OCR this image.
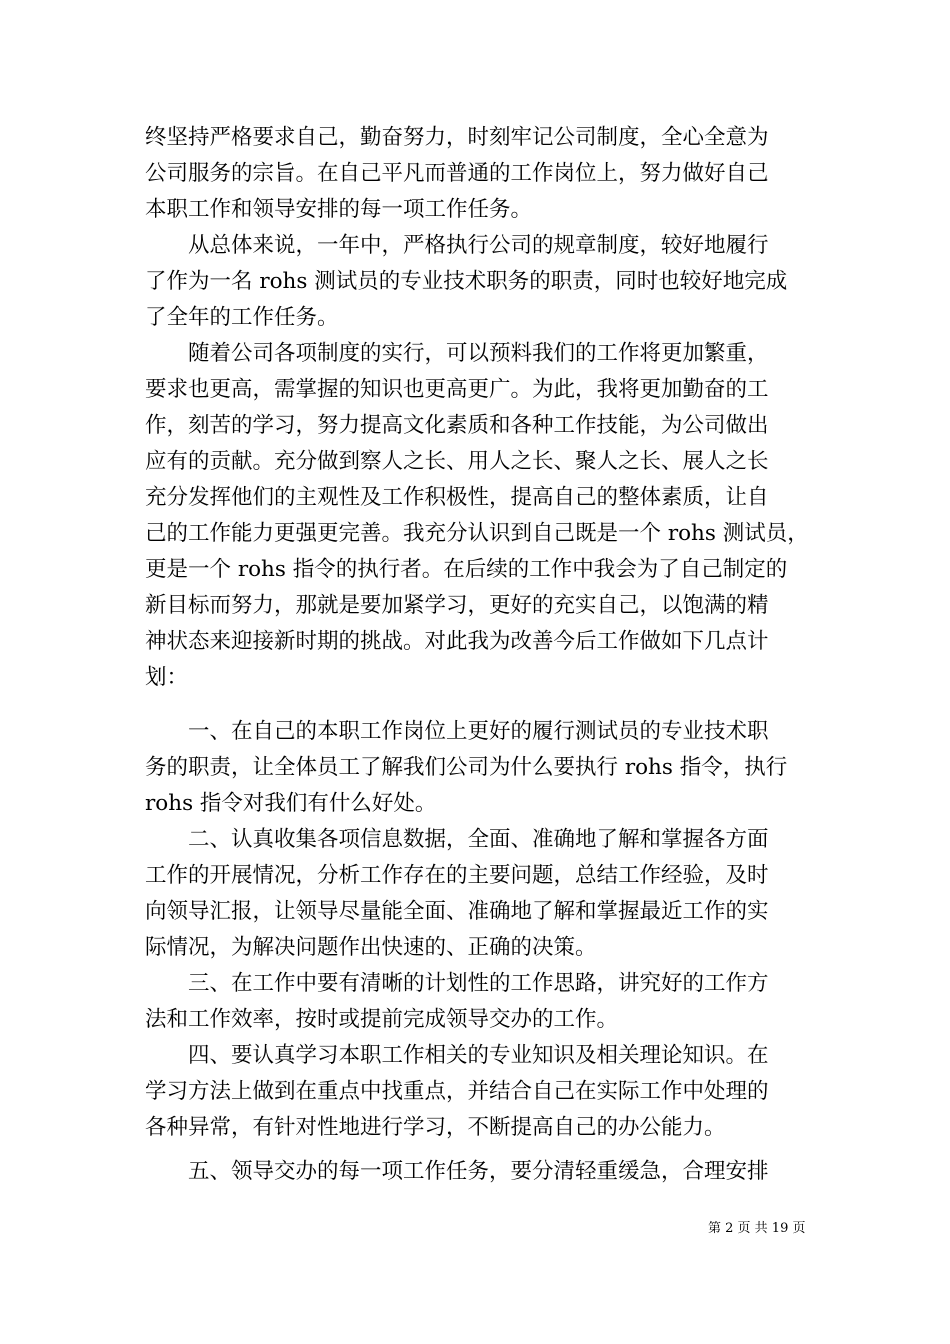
终坚持严格要求自己，勤奋努力，时刻牢记公司制度，全心全意为
公司服务的宗旨。在自己平凡而普通的工作岗位上，努力做好自己
本职工作和领导安排的每一项工作任务。
从总体来说，一年中，严格执行公司的规章制度，较好地履行
了作为一名 rohs 测试员的专业技术职务的职责，同时也较好地完成
了全年的工作任务。
随着公司各项制度的实行，可以预料我们的工作将更加繁重，
要求也更高，需掌握的知识也更高更广。为此，我将更加勤奋的工
作，刻苦的学习，努力提高文化素质和各种工作技能，为公司做出
应有的贡献。充分做到察人之长、用人之长、聚人之长、展人之长
充分发挥他们的主观性及工作积极性，提高自己的整体素质，让自
己的工作能力更强更完善。我充分认识到自己既是一个 rohs 测试员，
更是一个 rohs 指令的执行者。在后续的工作中我会为了自己制定的
新目标而努力，那就是要加紧学习，更好的充实自己，以饱满的精
神状态来迎接新时期的挑战。对此我为改善今后工作做如下几点计
划：
一、在自己的本职工作岗位上更好的履行测试员的专业技术职
务的职责，让全体员工了解我们公司为什么要执行 rohs 指令，执行
rohs 指令对我们有什么好处。
二、认真收集各项信息数据，全面、准确地了解和掌握各方面
工作的开展情况，分析工作存在的主要问题，总结工作经验，及时
向领导汇报，让领导尽量能全面、准确地了解和掌握最近工作的实
际情况，为解决问题作出快速的、正确的决策。
三、在工作中要有清晰的计划性的工作思路，讲究好的工作方
法和工作效率，按时或提前完成领导交办的工作。
四、要认真学习本职工作相关的专业知识及相关理论知识。在
学习方法上做到在重点中找重点，并结合自己在实际工作中处理的
各种异常，有针对性地进行学习，不断提高自己的办公能力。
五、领导交办的每一项工作任务，要分清轻重缓急，合理安排
第 2 页 共 19 页
